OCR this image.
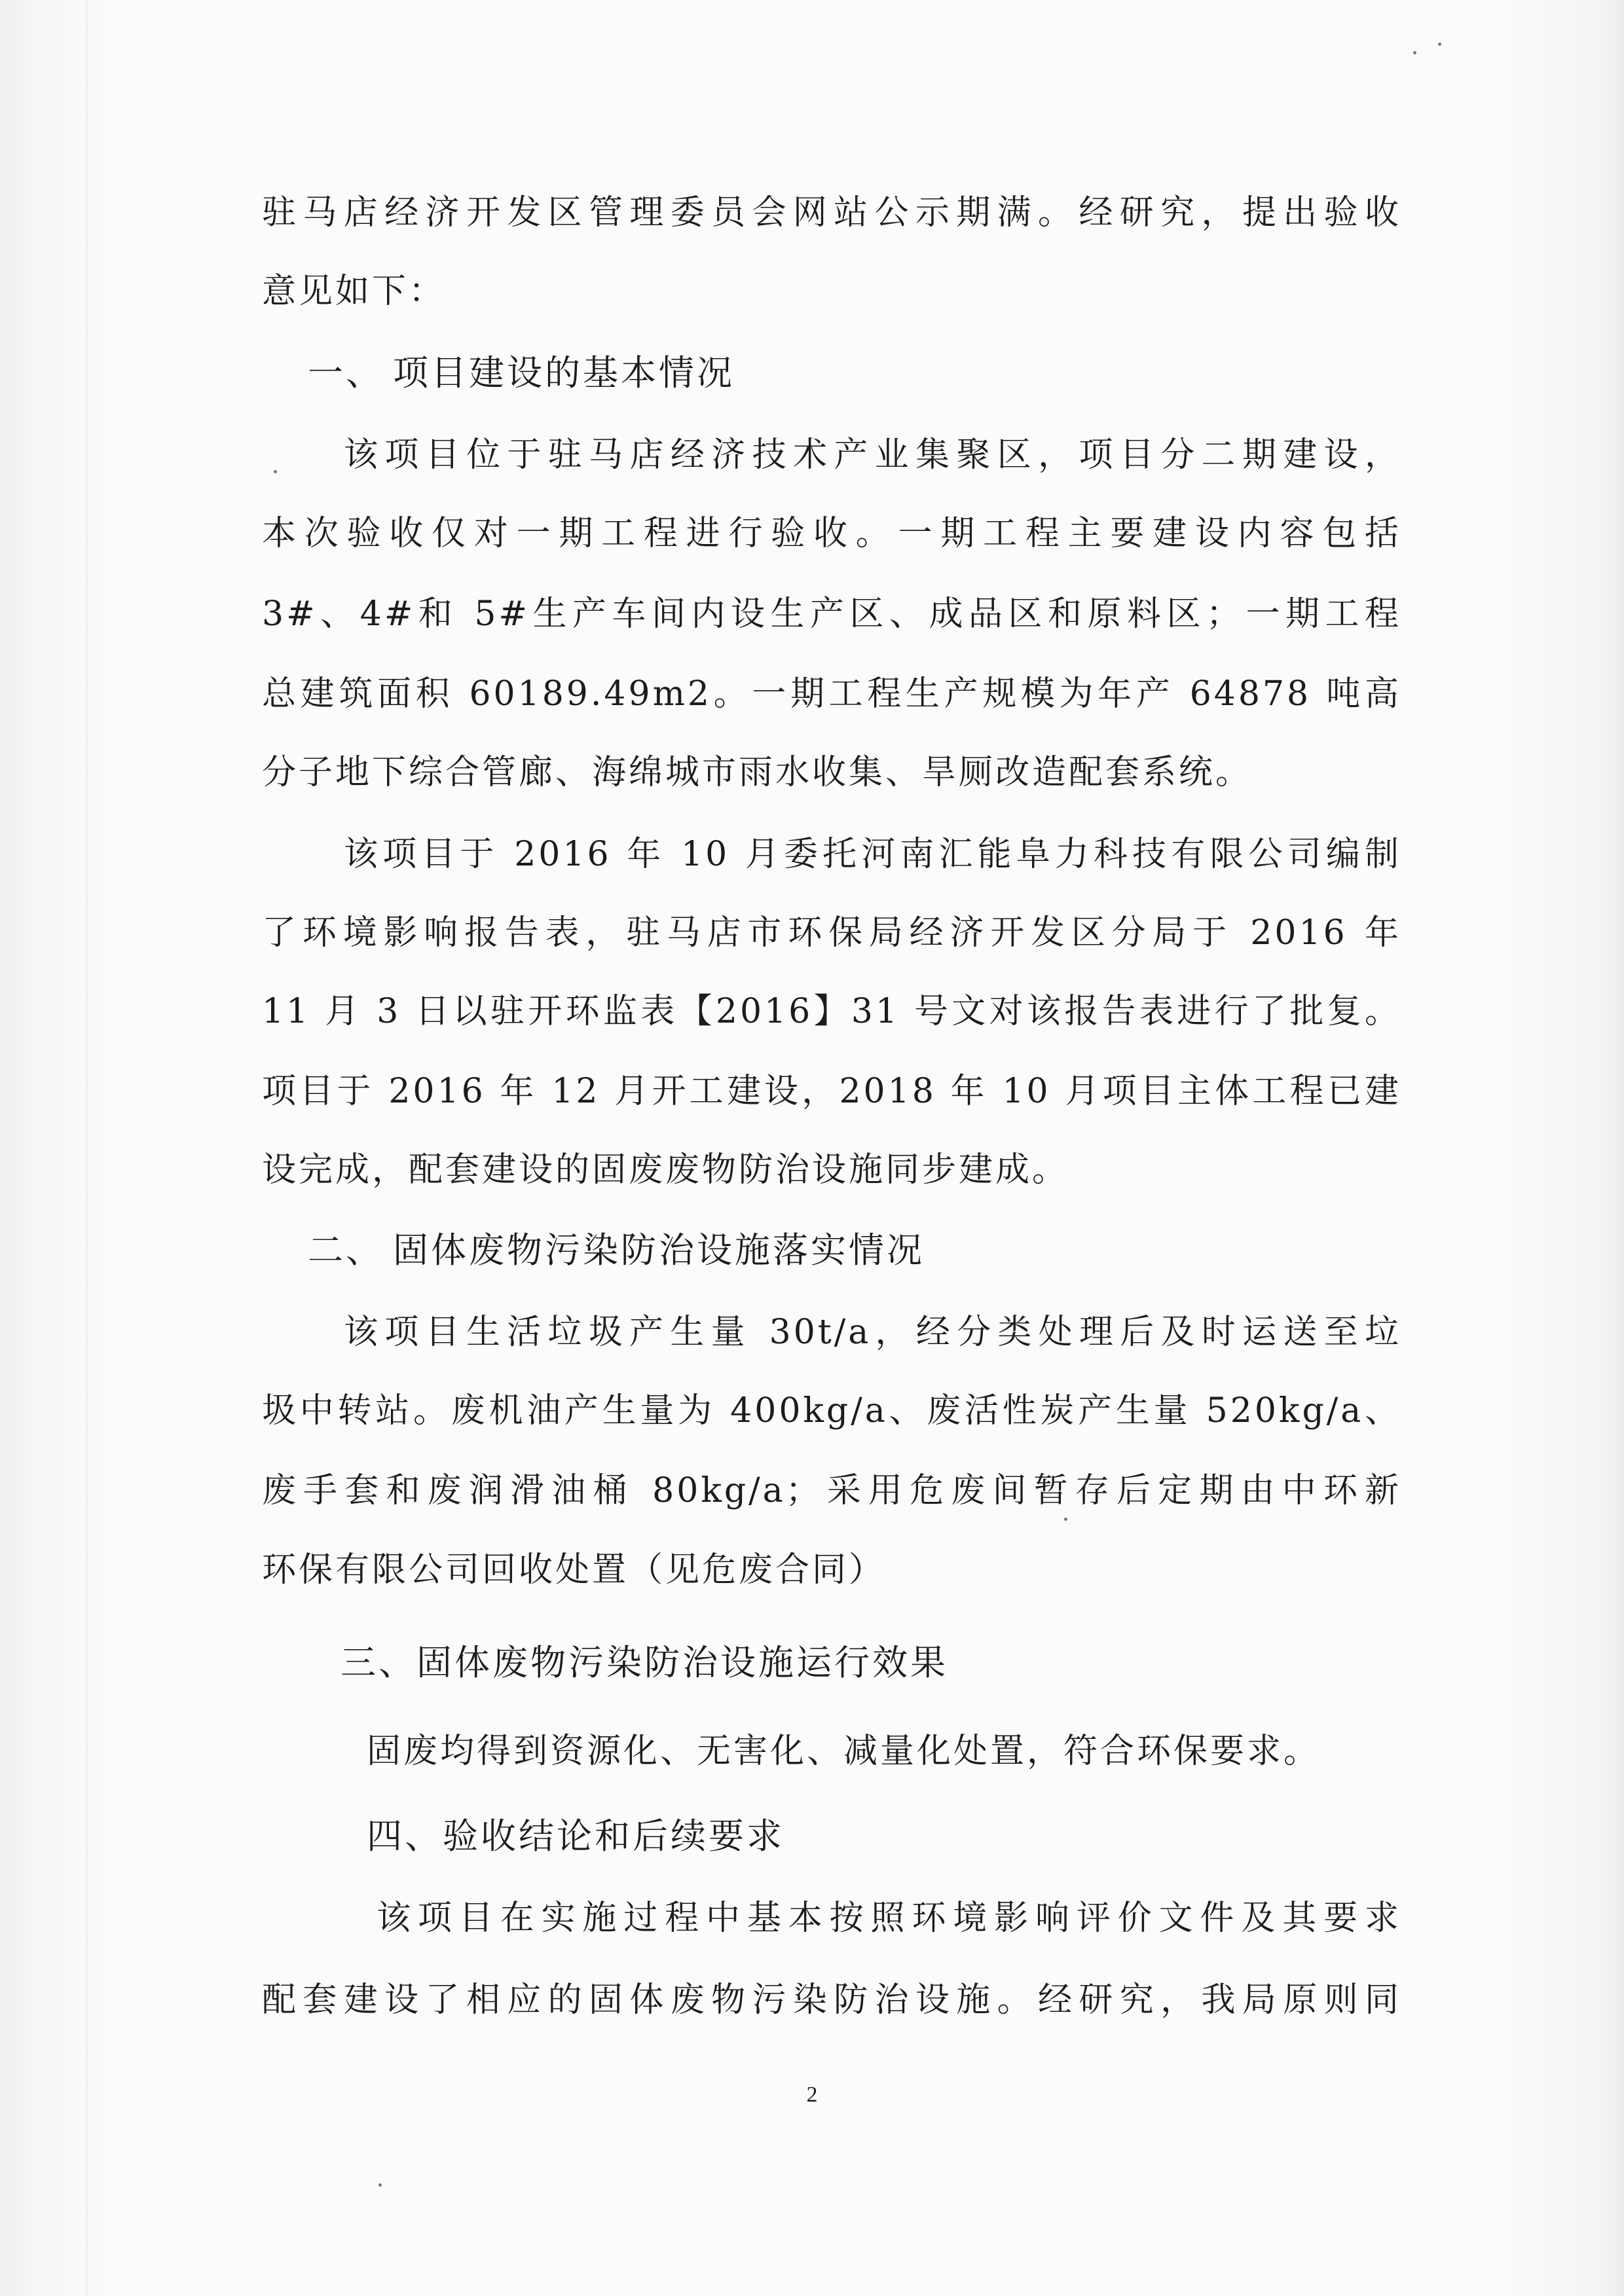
驻马店经济开发区管理委员会网站公示期满。经研究，提出验收
意见如下：
一、 项目建设的基本情况
该项目位于驻马店经济技术产业集聚区，项目分二期建设，
本次验收仅对一期工程进行验收。一期工程主要建设内容包括
3#、4#和 5#生产车间内设生产区、成品区和原料区；一期工程
总建筑面积 60189.49m2。一期工程生产规模为年产 64878 吨高
分子地下综合管廊、海绵城市雨水收集、旱厕改造配套系统。
该项目于 2016 年 10 月委托河南汇能阜力科技有限公司编制
了环境影响报告表，驻马店市环保局经济开发区分局于 2016 年
11 月 3 日以驻开环监表【2016】31 号文对该报告表进行了批复。
项目于 2016 年 12 月开工建设，2018 年 10 月项目主体工程已建
设完成，配套建设的固废废物防治设施同步建成。
二、 固体废物污染防治设施落实情况
该项目生活垃圾产生量 30t/a，经分类处理后及时运送至垃
圾中转站。废机油产生量为 400kg/a、废活性炭产生量 520kg/a、
废手套和废润滑油桶 80kg/a；采用危废间暂存后定期由中环新
环保有限公司回收处置（见危废合同）
三、固体废物污染防治设施运行效果
固废均得到资源化、无害化、减量化处置，符合环保要求。
四、验收结论和后续要求
该项目在实施过程中基本按照环境影响评价文件及其要求
配套建设了相应的固体废物污染防治设施。经研究，我局原则同
2
